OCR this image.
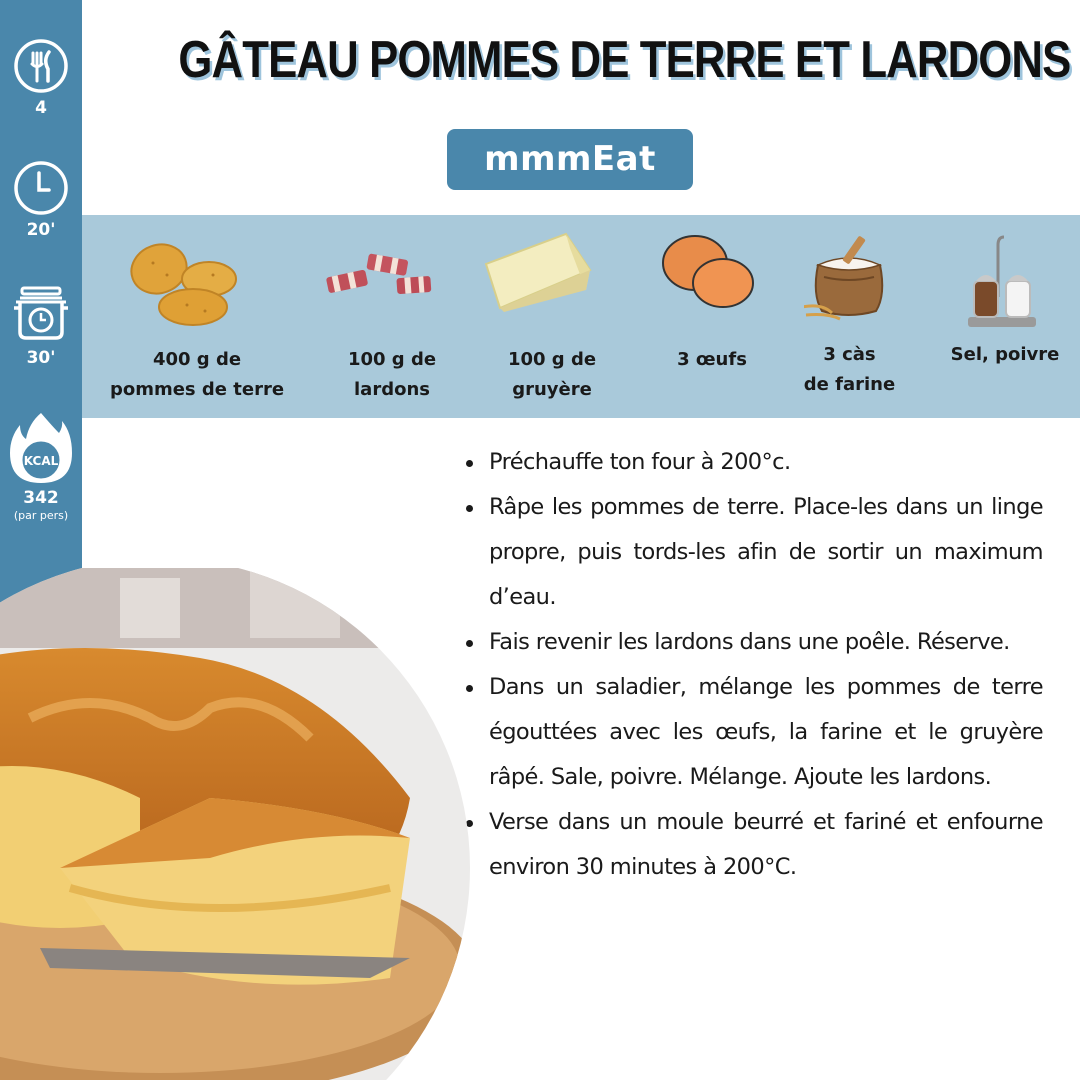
4
20'
30'
KCAL
342
(par pers)
GÂTEAU POMMES DE TERRE ET LARDONS
mmmEat
400 g de
pommes de terre
100 g de
lardons
100 g de
gruyère
3 œufs	3 càs
de farine
Sel, poivre
Préchauffe ton four à 200°c.
Râpe les pommes de terre. Place-les dans un linge propre, puis tords-les afin de sortir un maximum d’eau.
Fais revenir les lardons dans une poêle. Réserve.
Dans un saladier, mélange les pommes de terre égouttées avec les œufs, la farine et le gruyère râpé. Sale, poivre. Mélange. Ajoute les lardons.
Verse dans un moule beurré et fariné et enfourne environ 30 minutes à 200°C.
